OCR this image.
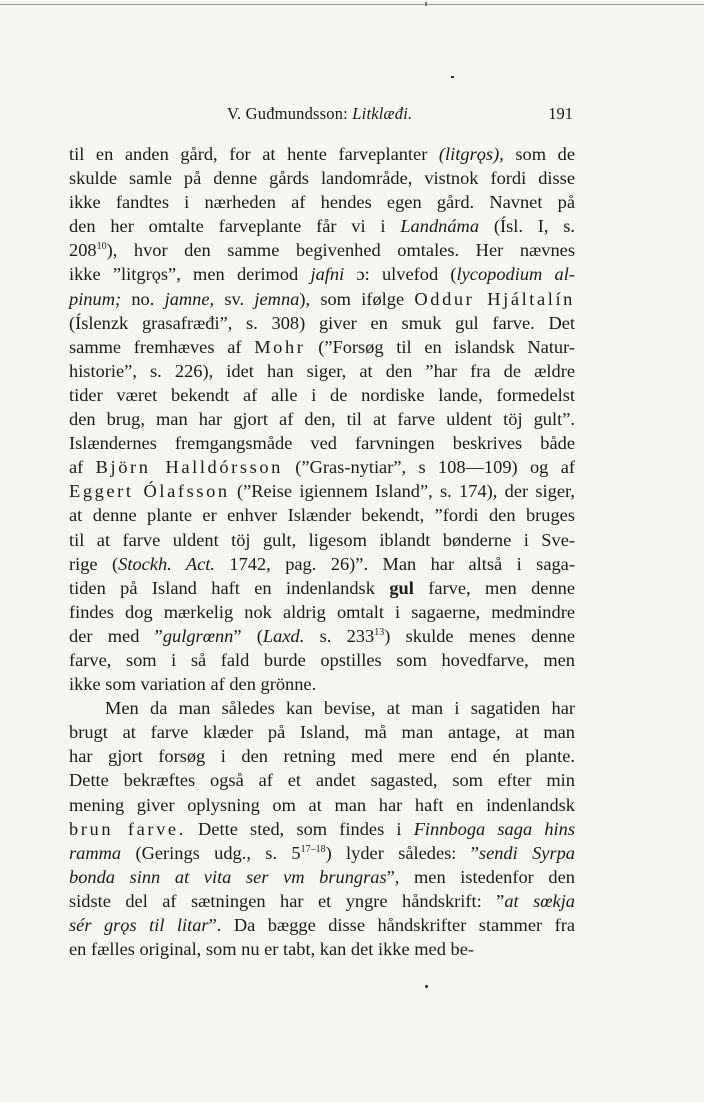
V. Guđmundsson: Litklæđi.	191
til en anden gård, for at hente farveplanter (litgrǫs), som de
skulde samle på denne gårds landområde, vistnok fordi disse
ikke fandtes i nærheden af hendes egen gård. Navnet på
den her omtalte farveplante får vi i Landnáma (Ísl. I, s.
$208^{10}$), hvor den samme begivenhed omtales. Her nævnes
ikke ”litgrǫs”, men derimod jafni ɔ: ulvefod (lycopodium al-
pinum; no. jamne, sv. jemna), som ifølge Oddur Hjáltalín
(Íslenzk grasafræđi”, s. 308) giver en smuk gul farve. Det
samme fremhæves af Mohr (”Forsøg til en islandsk Natur-
historie”, s. 226), idet han siger, at den ”har fra de ældre
tider været bekendt af alle i de nordiske lande, formedelst
den brug, man har gjort af den, til at farve uldent töj gult”.
Islændernes fremgangsmåde ved farvningen beskrives både
af Björn Halldórsson (”Gras-nytiar”, s 108—109) og af
Eggert Ólafsson (”Reise igiennem Island”, s. 174), der siger,
at denne plante er enhver Islænder bekendt, ”fordi den bruges
til at farve uldent töj gult, ligesom iblandt bønderne i Sve-
rige (Stockh. Act. 1742, pag. 26)”. Man har altså i saga-
tiden på Island haft en indenlandsk gul farve, men denne
findes dog mærkelig nok aldrig omtalt i sagaerne, medmindre
der med ”gulgrœnn” (Laxd. s. $233^{13}$) skulde menes denne
farve, som i så fald burde opstilles som hovedfarve, men
ikke som variation af den grönne.
Men da man således kan bevise, at man i sagatiden har
brugt at farve klæder på Island, må man antage, at man
har gjort forsøg i den retning med mere end én plante.
Dette bekræftes også af et andet sagasted, som efter min
mening giver oplysning om at man har haft en indenlandsk
brun farve. Dette sted, som findes i Finnboga saga hins
ramma (Gerings udg., s. 5$^{17-18}$) lyder således: ”sendi Syrpa
bonda sinn at vita ser vm brungras”, men istedenfor den
sidste del af sætningen har et yngre håndskrift: ”at sœkja
sér grǫs til litar”. Da bægge disse håndskrifter stammer fra
en fælles original, som nu er tabt, kan det ikke med be-
